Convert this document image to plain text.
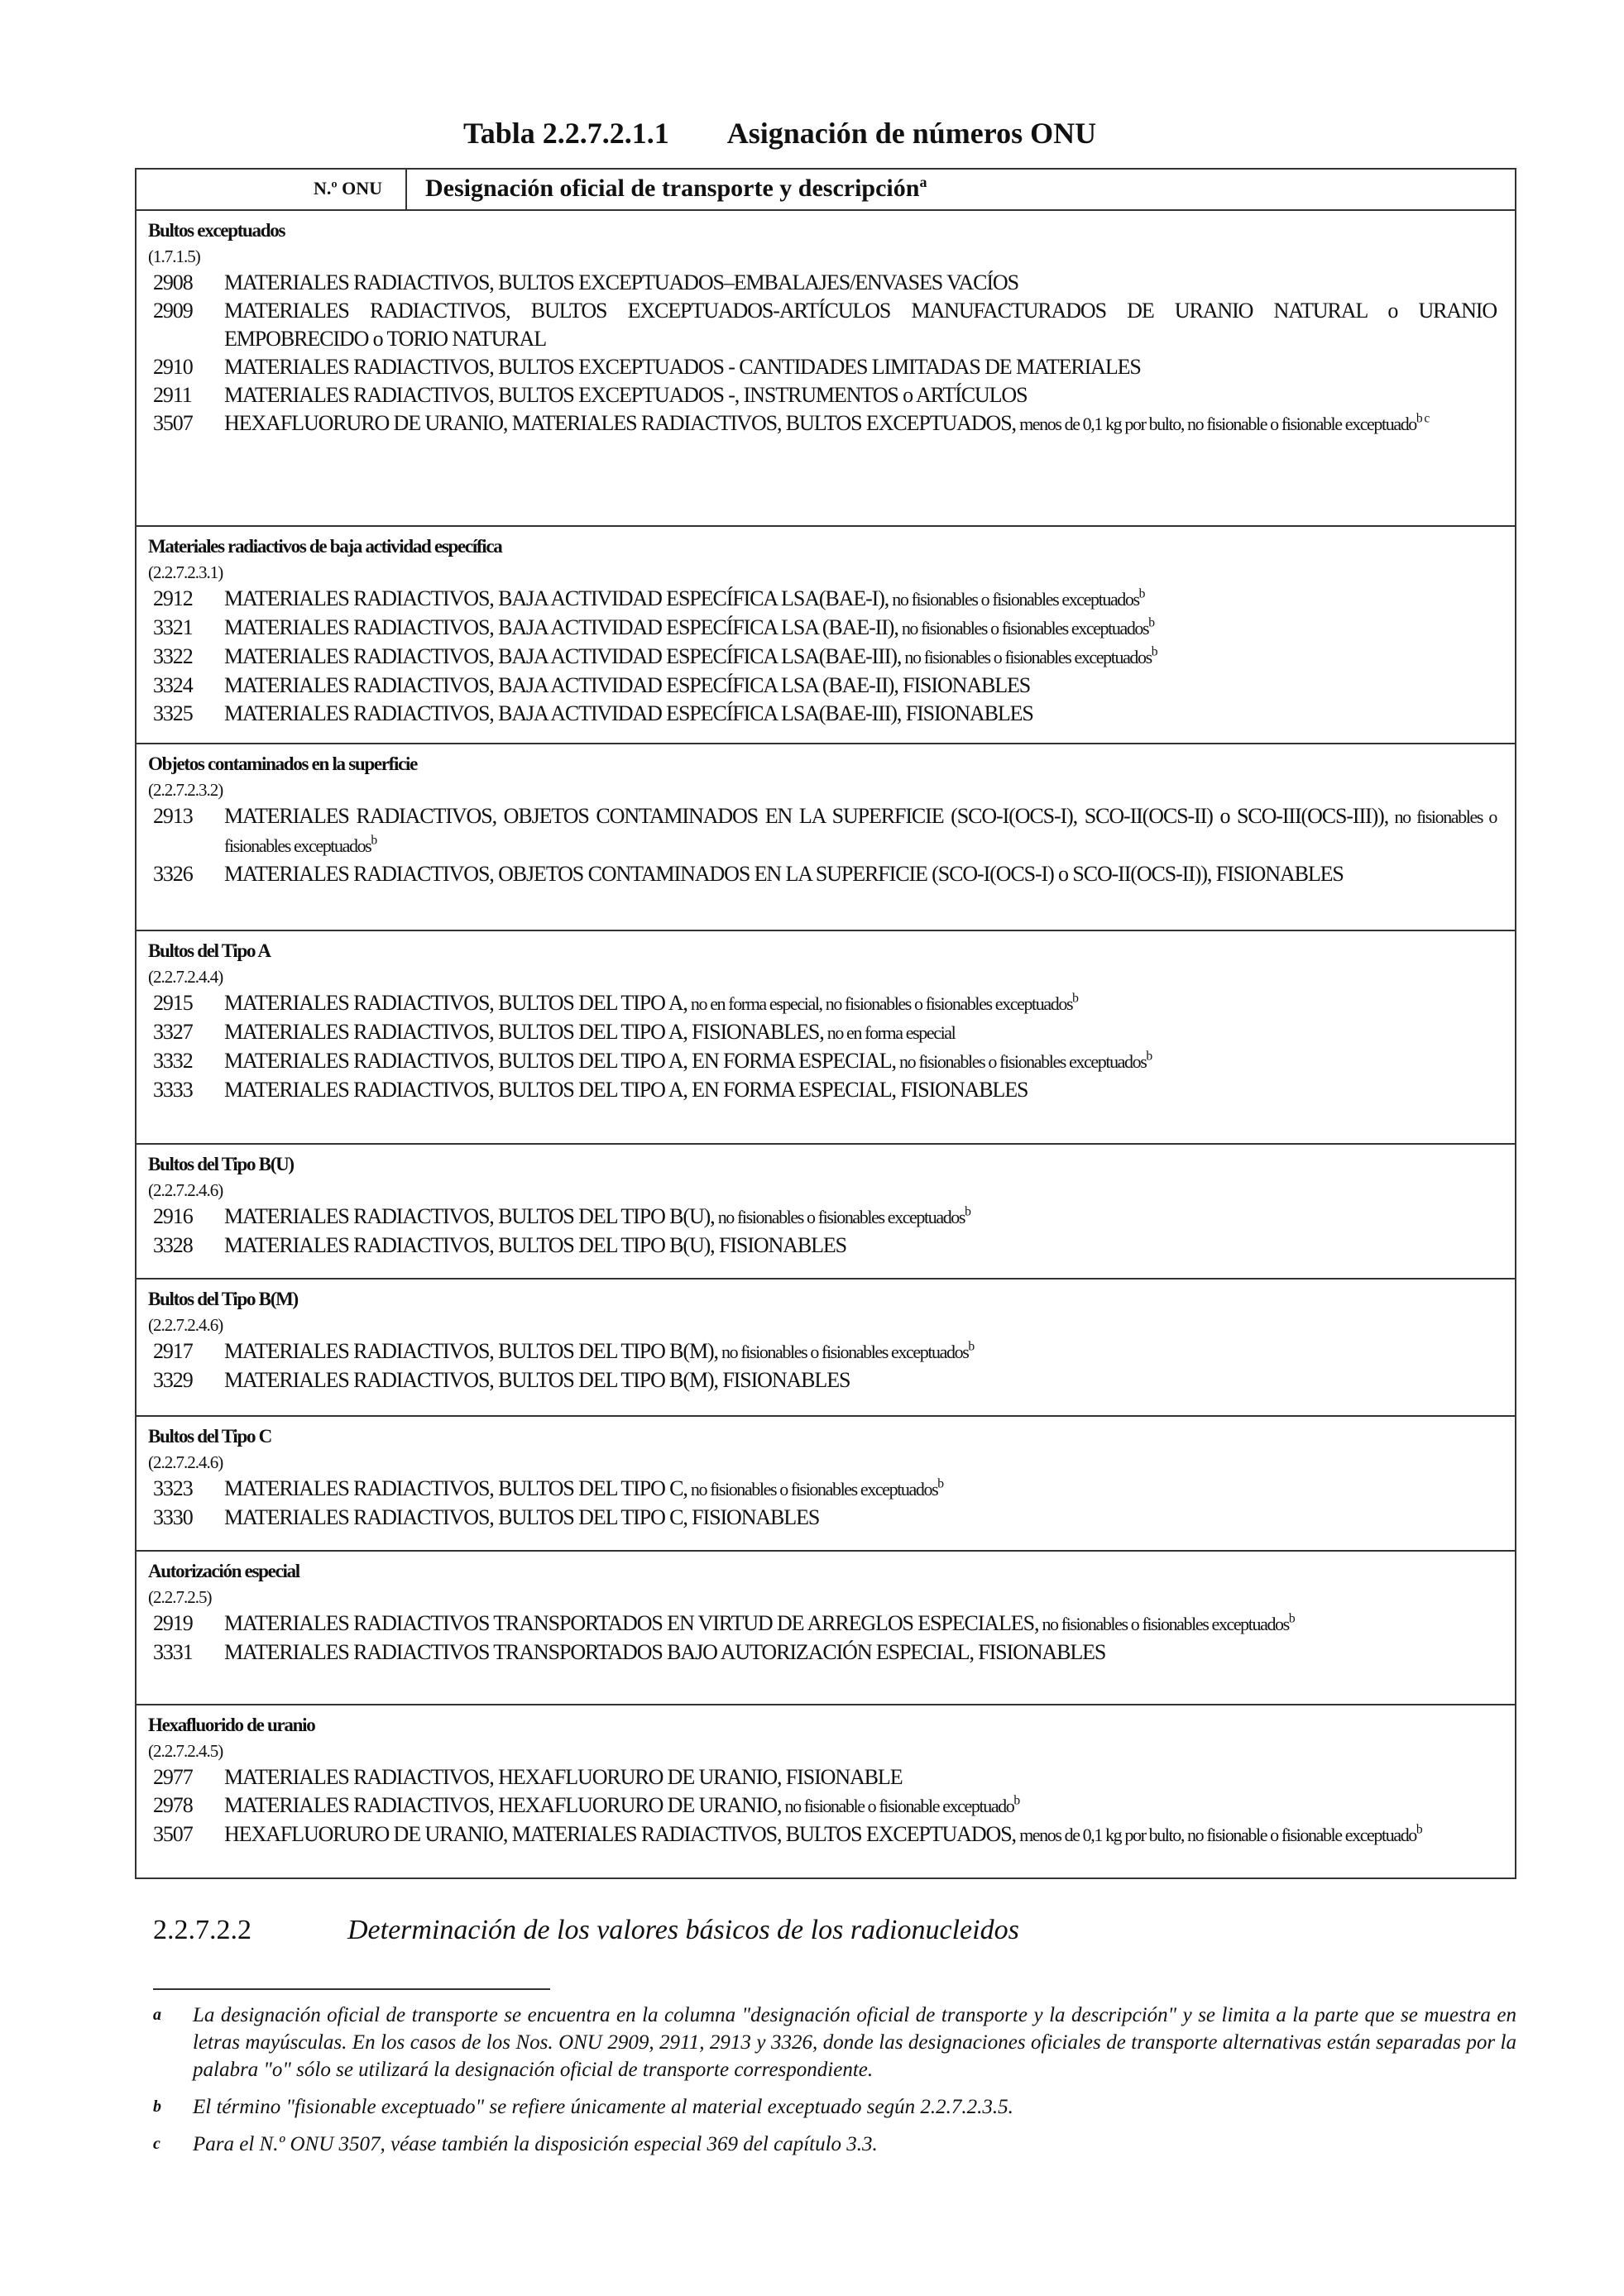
Tabla 2.2.7.2.1.1 Asignación de números ONU
N.º ONU	Designación oficial de transporte y descripción$^a$
Bultos exceptuados
(1.7.1.5)
2908	MATERIALES RADIACTIVOS, BULTOS EXCEPTUADOS–EMBALAJES/ENVASES VACÍOS
2909	MATERIALES RADIACTIVOS, BULTOS EXCEPTUADOS-ARTÍCULOS MANUFACTURADOS DE URANIO NATURAL o URANIO EMPOBRECIDO o TORIO NATURAL
2910	MATERIALES RADIACTIVOS, BULTOS EXCEPTUADOS - CANTIDADES LIMITADAS DE MATERIALES
2911	MATERIALES RADIACTIVOS, BULTOS EXCEPTUADOS -, INSTRUMENTOS o ARTÍCULOS
3507	HEXAFLUORURO DE URANIO, MATERIALES RADIACTIVOS, BULTOS EXCEPTUADOS, menos de 0,1 kg por bulto, no fisionable o fisionable exceptuado$^{b c}$
Materiales radiactivos de baja actividad específica
(2.2.7.2.3.1)
2912	MATERIALES RADIACTIVOS, BAJA ACTIVIDAD ESPECÍFICA LSA(BAE-I), no fisionables o fisionables exceptuados$^b$
3321	MATERIALES RADIACTIVOS, BAJA ACTIVIDAD ESPECÍFICA LSA (BAE-II), no fisionables o fisionables exceptuados$^b$
3322	MATERIALES RADIACTIVOS, BAJA ACTIVIDAD ESPECÍFICA LSA(BAE-III), no fisionables o fisionables exceptuados$^b$
3324	MATERIALES RADIACTIVOS, BAJA ACTIVIDAD ESPECÍFICA LSA (BAE-II), FISIONABLES
3325	MATERIALES RADIACTIVOS, BAJA ACTIVIDAD ESPECÍFICA LSA(BAE-III), FISIONABLES
Objetos contaminados en la superficie
(2.2.7.2.3.2)
2913	MATERIALES RADIACTIVOS, OBJETOS CONTAMINADOS EN LA SUPERFICIE (SCO-I(OCS-I), SCO-II(OCS-II) o SCO-III(OCS-III)), no fisionables o fisionables exceptuados$^b$
3326	MATERIALES RADIACTIVOS, OBJETOS CONTAMINADOS EN LA SUPERFICIE (SCO-I(OCS-I) o SCO-II(OCS-II)), FISIONABLES
Bultos del Tipo A
(2.2.7.2.4.4)
2915	MATERIALES RADIACTIVOS, BULTOS DEL TIPO A, no en forma especial, no fisionables o fisionables exceptuados$^b$
3327	MATERIALES RADIACTIVOS, BULTOS DEL TIPO A, FISIONABLES, no en forma especial
3332	MATERIALES RADIACTIVOS, BULTOS DEL TIPO A, EN FORMA ESPECIAL, no fisionables o fisionables exceptuados$^b$
3333	MATERIALES RADIACTIVOS, BULTOS DEL TIPO A, EN FORMA ESPECIAL, FISIONABLES
Bultos del Tipo B(U)
(2.2.7.2.4.6)
2916	MATERIALES RADIACTIVOS, BULTOS DEL TIPO B(U), no fisionables o fisionables exceptuados$^b$
3328	MATERIALES RADIACTIVOS, BULTOS DEL TIPO B(U), FISIONABLES
Bultos del Tipo B(M)
(2.2.7.2.4.6)
2917	MATERIALES RADIACTIVOS, BULTOS DEL TIPO B(M), no fisionables o fisionables exceptuados$^b$
3329	MATERIALES RADIACTIVOS, BULTOS DEL TIPO B(M), FISIONABLES
Bultos del Tipo C
(2.2.7.2.4.6)
3323	MATERIALES RADIACTIVOS, BULTOS DEL TIPO C, no fisionables o fisionables exceptuados$^b$
3330	MATERIALES RADIACTIVOS, BULTOS DEL TIPO C, FISIONABLES
Autorización especial
(2.2.7.2.5)
2919	MATERIALES RADIACTIVOS TRANSPORTADOS EN VIRTUD DE ARREGLOS ESPECIALES, no fisionables o fisionables exceptuados$^b$
3331	MATERIALES RADIACTIVOS TRANSPORTADOS BAJO AUTORIZACIÓN ESPECIAL, FISIONABLES
Hexafluorido de uranio
(2.2.7.2.4.5)
2977	MATERIALES RADIACTIVOS, HEXAFLUORURO DE URANIO, FISIONABLE
2978	MATERIALES RADIACTIVOS, HEXAFLUORURO DE URANIO, no fisionable o fisionable exceptuado$^b$
3507	HEXAFLUORURO DE URANIO, MATERIALES RADIACTIVOS, BULTOS EXCEPTUADOS, menos de 0,1 kg por bulto, no fisionable o fisionable exceptuado$^b$
2.2.7.2.2	Determinación de los valores básicos de los radionucleidos
a	La designación oficial de transporte se encuentra en la columna "designación oficial de transporte y la descripción" y se limita a la parte que se muestra en letras mayúsculas. En los casos de los Nos. ONU 2909, 2911, 2913 y 3326, donde las designaciones oficiales de transporte alternativas están separadas por la palabra "o" sólo se utilizará la designación oficial de transporte correspondiente.
b	El término "fisionable exceptuado" se refiere únicamente al material exceptuado según 2.2.7.2.3.5.
c	Para el N.º ONU 3507, véase también la disposición especial 369 del capítulo 3.3.
